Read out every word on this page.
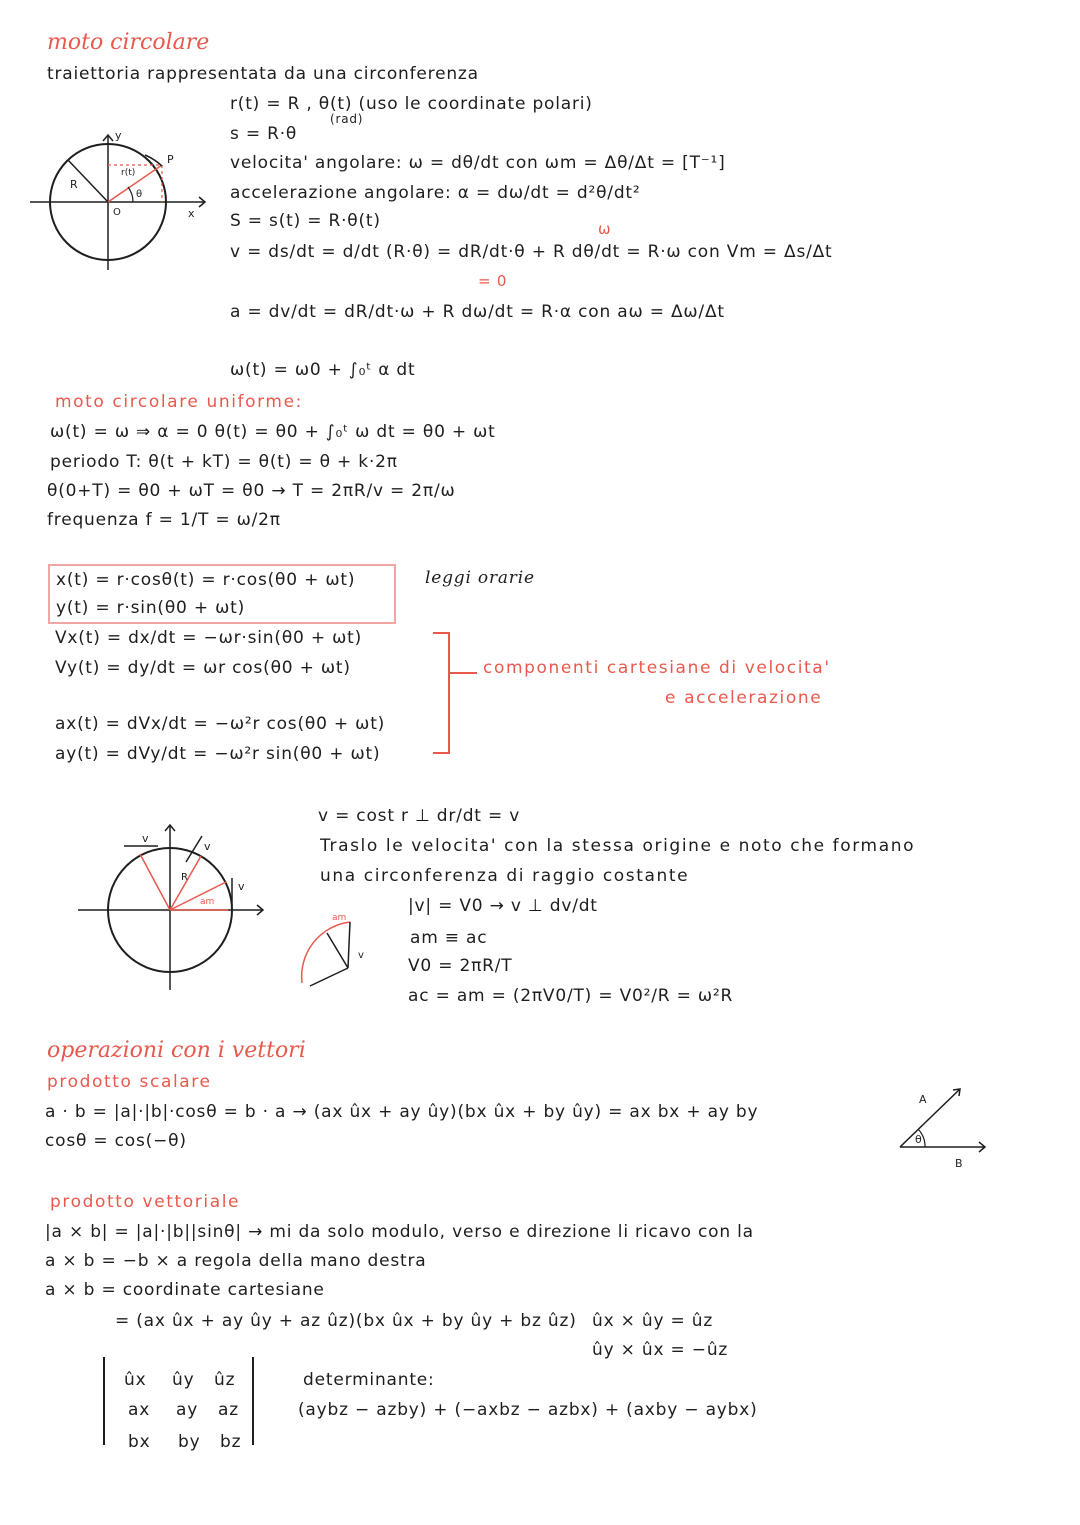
moto circolare
traiettoria rappresentata da una circonferenza
r(t) = R , θ(t) (uso le coordinate polari)
(rad)
s = R·θ
velocita' angolare: ω = dθ/dt con ωm = Δθ/Δt = [T⁻¹]
accelerazione angolare: α = dω/dt = d²θ/dt²
S = s(t) = R·θ(t)
v = ds/dt = d/dt (R·θ) = dR/dt·θ + R dθ/dt = R·ω con Vm = Δs/Δt
= 0
ω
a = dv/dt = dR/dt·ω + R dω/dt = R·α con aω = Δω/Δt
ω(t) = ω0 + ∫₀ᵗ α dt
R
P
O
y
x
θ
r(t)
moto circolare uniforme:
ω(t) = ω ⇒ α = 0 θ(t) = θ0 + ∫₀ᵗ ω dt = θ0 + ωt
periodo T: θ(t + kT) = θ(t) = θ + k·2π
θ(0+T) = θ0 + ωT = θ0 → T = 2πR/v = 2π/ω
frequenza f = 1/T = ω/2π
x(t) = r·cosθ(t) = r·cos(θ0 + ωt)
y(t) = r·sin(θ0 + ωt)
leggi orarie
Vx(t) = dx/dt = −ωr·sin(θ0 + ωt)
Vy(t) = dy/dt = ωr cos(θ0 + ωt)
ax(t) = dVx/dt = −ω²r cos(θ0 + ωt)
ay(t) = dVy/dt = −ω²r sin(θ0 + ωt)
componenti cartesiane di velocita'
e accelerazione
v
v
v
R
am
v
am
v = cost r ⊥ dr/dt = v
Traslo le velocita' con la stessa origine e noto che formano
una circonferenza di raggio costante
|v| = V0 → v ⊥ dv/dt
am ≡ ac
V0 = 2πR/T
ac = am = (2πV0/T) = V0²/R = ω²R
operazioni con i vettori
prodotto scalare
a · b = |a|·|b|·cosθ = b · a → (ax ûx + ay ûy)(bx ûx + by ûy) = ax bx + ay by
cosθ = cos(−θ)
A
B
θ
prodotto vettoriale
|a × b| = |a|·|b||sinθ| → mi da solo modulo, verso e direzione li ricavo con la
a × b = −b × a regola della mano destra
a × b = coordinate cartesiane
= (ax ûx + ay ûy + az ûz)(bx ûx + by ûy + bz ûz) ûx × ûy = ûz
ûy × ûx = −ûz
ûx ûy ûz
ax ay az
bx by bz
determinante:
(aybz − azby) + (−axbz − azbx) + (axby − aybx)
